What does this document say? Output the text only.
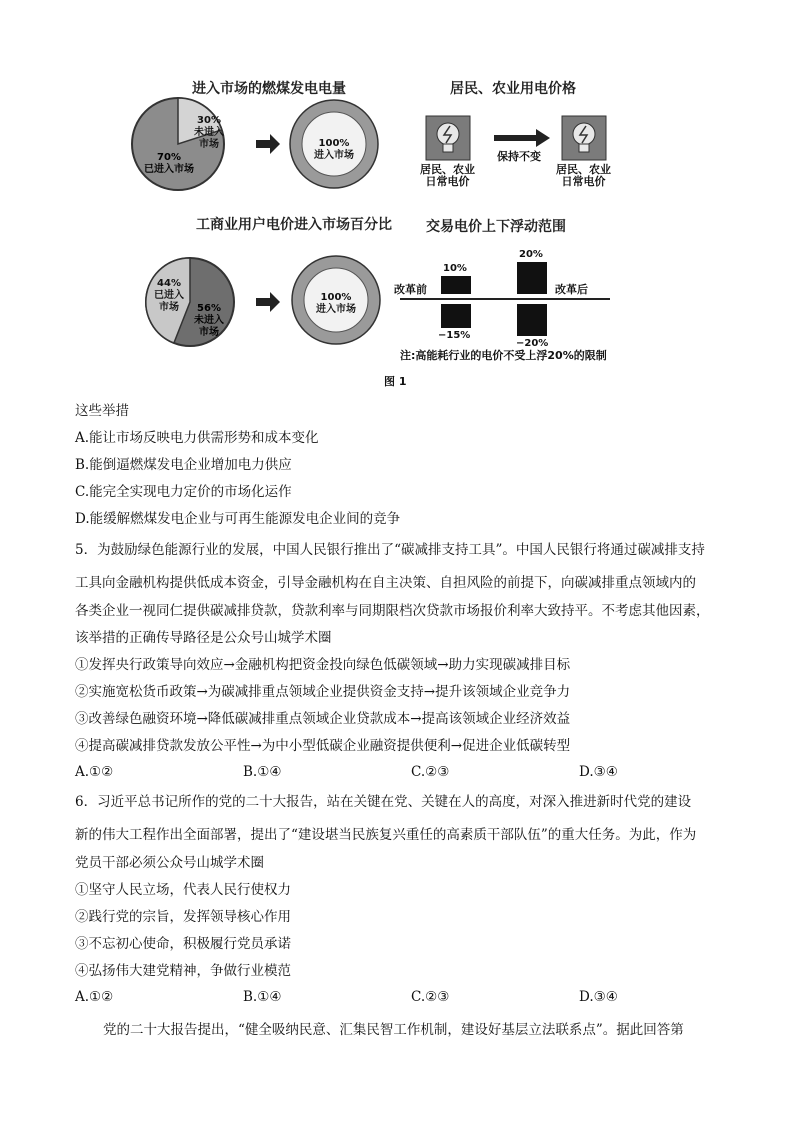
进入市场的燃煤发电电量
30%
未进入
市场
70%
已进入市场
100%
进入市场
居民、农业用电价格
居民、农业
日常电价
保持不变
居民、农业
日常电价
工商业用户电价进入市场百分比
44%
已进入
市场	56%
未进入
市场
100%
进入市场
交易电价上下浮动范围
改革前	改革后
10%
−15%
20%
−20%
注:高能耗行业的电价不受上浮20%的限制
图 1
这些举措
A.能让市场反映电力供需形势和成本变化
B.能倒逼燃煤发电企业增加电力供应
C.能完全实现电力定价的市场化运作
D.能缓解燃煤发电企业与可再生能源发电企业间的竞争
5．为鼓励绿色能源行业的发展，中国人民银行推出了“碳减排支持工具”。中国人民银行将通过碳减排支持
工具向金融机构提供低成本资金，引导金融机构在自主决策、自担风险的前提下，向碳减排重点领域内的
各类企业一视同仁提供碳减排贷款，贷款利率与同期限档次贷款市场报价利率大致持平。不考虑其他因素，
该举措的正确传导路径是公众号山城学术圈
①发挥央行政策导向效应→金融机构把资金投向绿色低碳领域→助力实现碳减排目标
②实施宽松货币政策→为碳减排重点领域企业提供资金支持→提升该领域企业竞争力
③改善绿色融资环境→降低碳减排重点领域企业贷款成本→提高该领域企业经济效益
④提高碳减排贷款发放公平性→为中小型低碳企业融资提供便利→促进企业低碳转型
A.①②	B.①④	C.②③	D.③④
6．习近平总书记所作的党的二十大报告，站在关键在党、关键在人的高度，对深入推进新时代党的建设
新的伟大工程作出全面部署，提出了“建设堪当民族复兴重任的高素质干部队伍”的重大任务。为此，作为
党员干部必须公众号山城学术圈
①坚守人民立场，代表人民行使权力
②践行党的宗旨，发挥领导核心作用
③不忘初心使命，积极履行党员承诺
④弘扬伟大建党精神，争做行业模范
A.①②	B.①④	C.②③	D.③④
党的二十大报告提出，“健全吸纳民意、汇集民智工作机制，建设好基层立法联系点”。据此回答第
